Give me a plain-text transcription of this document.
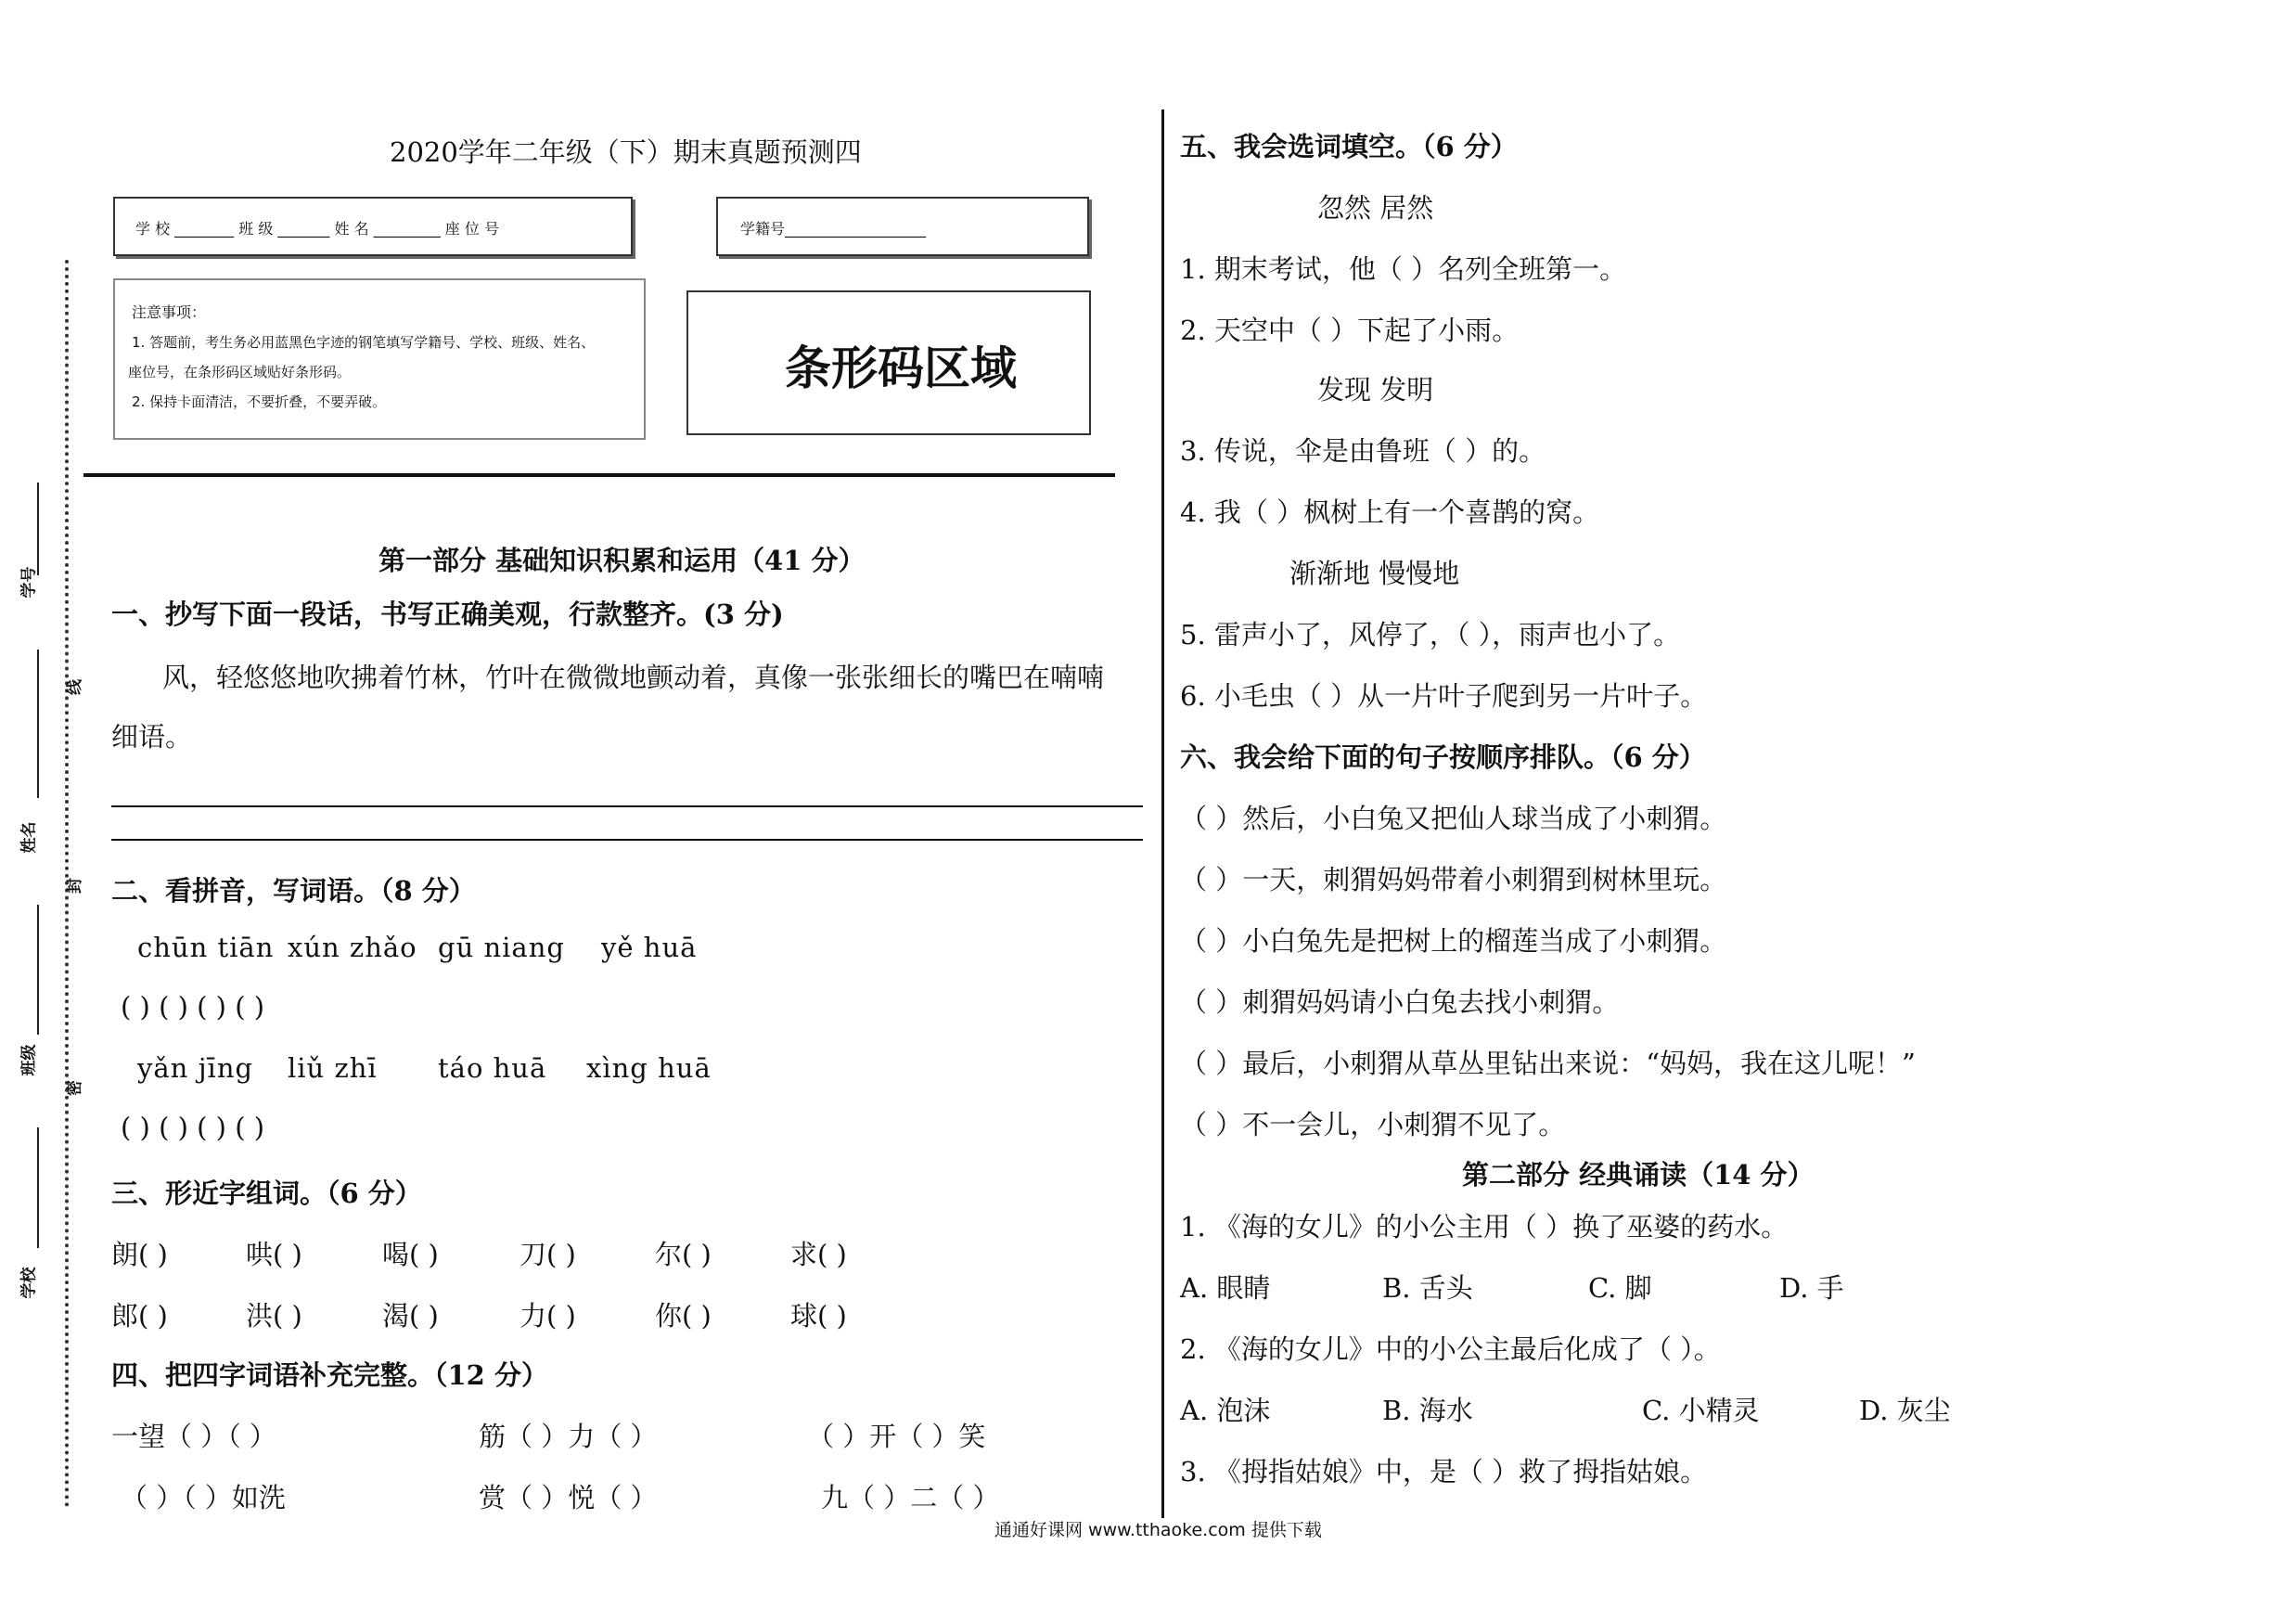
学号
线
姓名
封
班级
密
学校
2020学年二年级（下）期末真题预测四
学 校 ________ 班 级 _______ 姓 名 _________ 座 位 号	学籍号___________________
注意事项：
1. 答题前，考生务必用蓝黑色字迹的钢笔填写学籍号、学校、班级、姓名、
座位号，在条形码区域贴好条形码。
2. 保持卡面清洁，不要折叠，不要弄破。
条形码区域
第一部分 基础知识积累和运用（41 分）
一、抄写下面一段话，书写正确美观，行款整齐。(3 分)
风，轻悠悠地吹拂着竹林，竹叶在微微地颤动着，真像一张张细长的嘴巴在喃喃
细语。
二、看拼音，写词语。（8 分）
chūn tiān xún zhǎo gū niang yě huā
( ) ( ) ( ) ( )
yǎn jīng liǔ zhī táo huā xìng huā
( ) ( ) ( ) ( )
三、形近字组词。（6 分）
朗( )	哄( )	喝( )	刀( )	尔( )	求( )
郎( )	洪( )	渴( )	力( )	你( )	球( )
四、把四字词语补充完整。（12 分）
一望（ ）（ ）	筋（ ）力（ ）	（ ）开（ ）笑
（ ）（ ）如洗	赏（ ）悦（ ）	九（ ）二（ ）
五、我会选词填空。（6 分）
忽然 居然
1. 期末考试，他（ ）名列全班第一。
2. 天空中（ ）下起了小雨。
发现 发明
3. 传说，伞是由鲁班（ ）的。
4. 我（ ）枫树上有一个喜鹊的窝。
渐渐地 慢慢地
5. 雷声小了，风停了，（ ），雨声也小了。
6. 小毛虫（ ）从一片叶子爬到另一片叶子。
六、我会给下面的句子按顺序排队。（6 分）
（ ）然后，小白兔又把仙人球当成了小刺猬。
（ ）一天，刺猬妈妈带着小刺猬到树林里玩。
（ ）小白兔先是把树上的榴莲当成了小刺猬。
（ ）刺猬妈妈请小白兔去找小刺猬。
（ ）最后，小刺猬从草丛里钻出来说：“妈妈，我在这儿呢！”
（ ）不一会儿，小刺猬不见了。
第二部分 经典诵读（14 分）
1. 《海的女儿》的小公主用（ ）换了巫婆的药水。
A. 眼睛	B. 舌头	C. 脚	D. 手
2. 《海的女儿》中的小公主最后化成了（ ）。
A. 泡沫	B. 海水	C. 小精灵	D. 灰尘
3. 《拇指姑娘》中，是（ ）救了拇指姑娘。
通通好课网 www.tthaoke.com 提供下载
